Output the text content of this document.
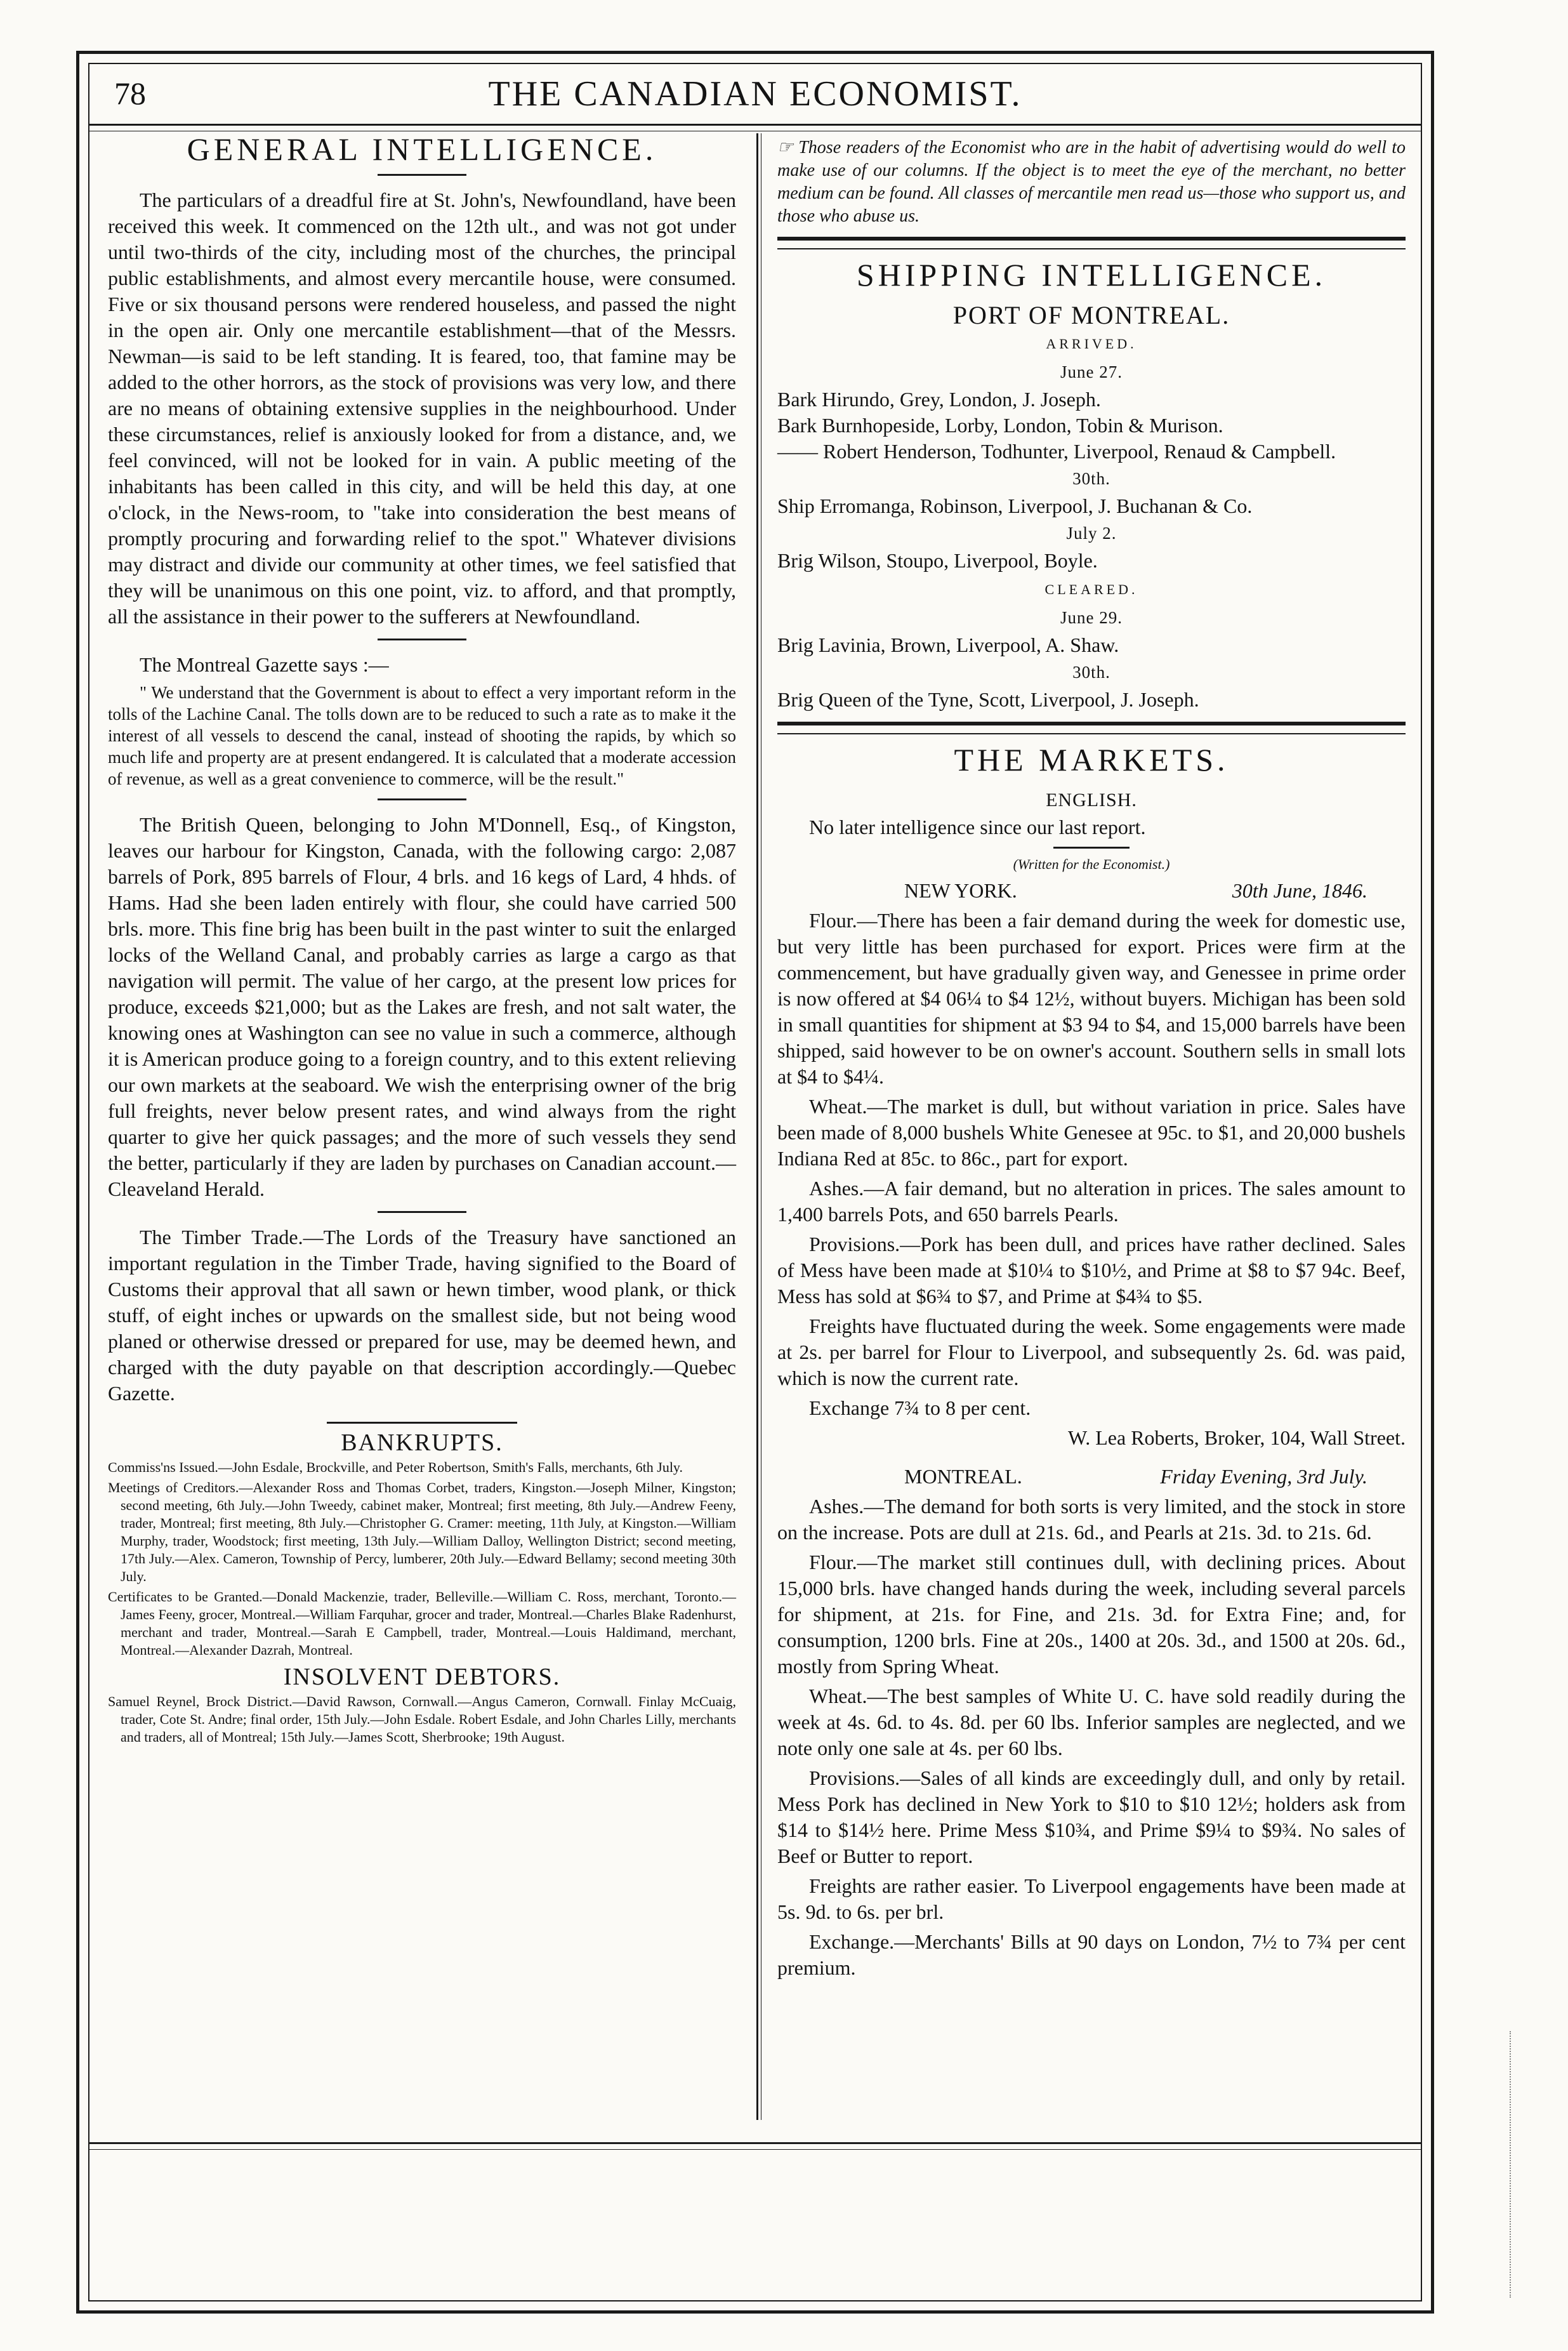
78	THE CANADIAN ECONOMIST.
GENERAL INTELLIGENCE.

The particulars of a dreadful fire at St. John's, Newfoundland, have been received this week. It commenced on the 12th ult., and was not got under until two-thirds of the city, including most of the churches, the principal public establishments, and almost every mercantile house, were consumed. Five or six thousand persons were rendered houseless, and passed the night in the open air. Only one mercantile establishment—that of the Messrs. Newman—is said to be left standing. It is feared, too, that famine may be added to the other horrors, as the stock of provisions was very low, and there are no means of obtaining extensive supplies in the neighbourhood. Under these circumstances, relief is anxiously looked for from a distance, and, we feel convinced, will not be looked for in vain. A public meeting of the inhabitants has been called in this city, and will be held this day, at one o'clock, in the News-room, to "take into consideration the best means of promptly procuring and forwarding relief to the spot." Whatever divisions may distract and divide our community at other times, we feel satisfied that they will be unanimous on this one point, viz. to afford, and that promptly, all the assistance in their power to the sufferers at Newfoundland.

The Montreal Gazette says :—

" We understand that the Government is about to effect a very important reform in the tolls of the Lachine Canal. The tolls down are to be reduced to such a rate as to make it the interest of all vessels to descend the canal, instead of shooting the rapids, by which so much life and property are at present endangered. It is calculated that a moderate accession of revenue, as well as a great convenience to commerce, will be the result."

The British Queen, belonging to John M'Donnell, Esq., of Kingston, leaves our harbour for Kingston, Canada, with the following cargo: 2,087 barrels of Pork, 895 barrels of Flour, 4 brls. and 16 kegs of Lard, 4 hhds. of Hams. Had she been laden entirely with flour, she could have carried 500 brls. more. This fine brig has been built in the past winter to suit the enlarged locks of the Welland Canal, and probably carries as large a cargo as that navigation will permit. The value of her cargo, at the present low prices for produce, exceeds $21,000; but as the Lakes are fresh, and not salt water, the knowing ones at Washington can see no value in such a commerce, although it is American produce going to a foreign country, and to this extent relieving our own markets at the seaboard. We wish the enterprising owner of the brig full freights, never below present rates, and wind always from the right quarter to give her quick passages; and the more of such vessels they send the better, particularly if they are laden by purchases on Canadian account.—Cleaveland Herald.

The Timber Trade.—The Lords of the Treasury have sanctioned an important regulation in the Timber Trade, having signified to the Board of Customs their approval that all sawn or hewn timber, wood plank, or thick stuff, of eight inches or upwards on the smallest side, but not being wood planed or otherwise dressed or prepared for use, may be deemed hewn, and charged with the duty payable on that description accordingly.—Quebec Gazette.

BANKRUPTS.

Commiss'ns Issued.—John Esdale, Brockville, and Peter Robertson, Smith's Falls, merchants, 6th July.

Meetings of Creditors.—Alexander Ross and Thomas Corbet, traders, Kingston.—Joseph Milner, Kingston; second meeting, 6th July.—John Tweedy, cabinet maker, Montreal; first meeting, 8th July.—Andrew Feeny, trader, Montreal; first meeting, 8th July.—Christopher G. Cramer: meeting, 11th July, at Kingston.—William Murphy, trader, Woodstock; first meeting, 13th July.—William Dalloy, Wellington District; second meeting, 17th July.—Alex. Cameron, Township of Percy, lumberer, 20th July.—Edward Bellamy; second meeting 30th July.

Certificates to be Granted.—Donald Mackenzie, trader, Belleville.—William C. Ross, merchant, Toronto.—James Feeny, grocer, Montreal.—William Farquhar, grocer and trader, Montreal.—Charles Blake Radenhurst, merchant and trader, Montreal.—Sarah E Campbell, trader, Montreal.—Louis Haldimand, merchant, Montreal.—Alexander Dazrah, Montreal.

INSOLVENT DEBTORS.

Samuel Reynel, Brock District.—David Rawson, Cornwall.—Angus Cameron, Cornwall. Finlay McCuaig, trader, Cote St. Andre; final order, 15th July.—John Esdale. Robert Esdale, and John Charles Lilly, merchants and traders, all of Montreal; 15th July.—James Scott, Sherbrooke; 19th August.

☞ Those readers of the Economist who are in the habit of advertising would do well to make use of our columns. If the object is to meet the eye of the merchant, no better medium can be found. All classes of mercantile men read us—those who support us, and those who abuse us.

SHIPPING INTELLIGENCE.
PORT OF MONTREAL.

ARRIVED.

June 27.

Bark Hirundo, Grey, London, J. Joseph.

Bark Burnhopeside, Lorby, London, Tobin & Murison.

—— Robert Henderson, Todhunter, Liverpool, Renaud & Campbell.

30th.

Ship Erromanga, Robinson, Liverpool, J. Buchanan & Co.

July 2.

Brig Wilson, Stoupo, Liverpool, Boyle.

CLEARED.

June 29.

Brig Lavinia, Brown, Liverpool, A. Shaw.

30th.

Brig Queen of the Tyne, Scott, Liverpool, J. Joseph.

THE MARKETS.

ENGLISH.

No later intelligence since our last report.

(Written for the Economist.)

NEW YORK.	30th June, 1846.

Flour.—There has been a fair demand during the week for domestic use, but very little has been purchased for export. Prices were firm at the commencement, but have gradually given way, and Genessee in prime order is now offered at $4 06¼ to $4 12½, without buyers. Michigan has been sold in small quantities for shipment at $3 94 to $4, and 15,000 barrels have been shipped, said however to be on owner's account. Southern sells in small lots at $4 to $4¼.

Wheat.—The market is dull, but without variation in price. Sales have been made of 8,000 bushels White Genesee at 95c. to $1, and 20,000 bushels Indiana Red at 85c. to 86c., part for export.

Ashes.—A fair demand, but no alteration in prices. The sales amount to 1,400 barrels Pots, and 650 barrels Pearls.

Provisions.—Pork has been dull, and prices have rather declined. Sales of Mess have been made at $10¼ to $10½, and Prime at $8 to $7 94c. Beef, Mess has sold at $6¾ to $7, and Prime at $4¾ to $5.

Freights have fluctuated during the week. Some engagements were made at 2s. per barrel for Flour to Liverpool, and subsequently 2s. 6d. was paid, which is now the current rate.

Exchange 7¾ to 8 per cent.

W. Lea Roberts, Broker, 104, Wall Street.

MONTREAL.	Friday Evening, 3rd July.

Ashes.—The demand for both sorts is very limited, and the stock in store on the increase. Pots are dull at 21s. 6d., and Pearls at 21s. 3d. to 21s. 6d.

Flour.—The market still continues dull, with declining prices. About 15,000 brls. have changed hands during the week, including several parcels for shipment, at 21s. for Fine, and 21s. 3d. for Extra Fine; and, for consumption, 1200 brls. Fine at 20s., 1400 at 20s. 3d., and 1500 at 20s. 6d., mostly from Spring Wheat.

Wheat.—The best samples of White U. C. have sold readily during the week at 4s. 6d. to 4s. 8d. per 60 lbs. Inferior samples are neglected, and we note only one sale at 4s. per 60 lbs.

Provisions.—Sales of all kinds are exceedingly dull, and only by retail. Mess Pork has declined in New York to $10 to $10 12½; holders ask from $14 to $14½ here. Prime Mess $10¾, and Prime $9¼ to $9¾. No sales of Beef or Butter to report.

Freights are rather easier. To Liverpool engagements have been made at 5s. 9d. to 6s. per brl.

Exchange.—Merchants' Bills at 90 days on London, 7½ to 7¾ per cent premium.
